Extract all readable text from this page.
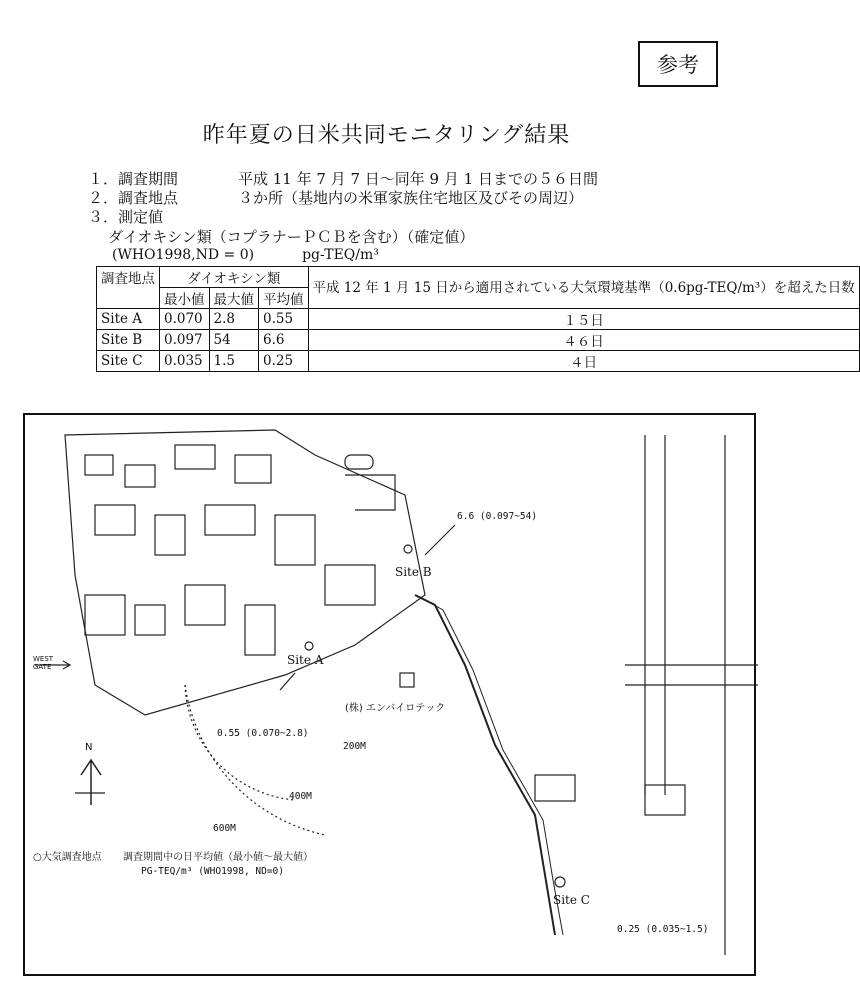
参考
昨年夏の日米共同モニタリング結果
１．調査期間	平成 11 年 7 月 7 日～同年 9 月 1 日までの５６日間
２．調査地点	３か所（基地内の米軍家族住宅地区及びその周辺）
３．測定値
ダイオキシン類（コプラナーＰＣＢを含む）（確定値）
(WHO1998,ND = 0)	pg-TEQ/m³
調査地点	ダイオキシン類			平成 12 年 1 月 15 日から適用されている大気環境基準（0.6pg-TEQ/m³）を超えた日数
	最小値	最大値	平均値	
Site A	0.070	2.8	0.55	１５日
Site B	0.097	54	6.6	４６日
Site C	0.035	1.5	0.25	４日
6.6 (0.097~54)
Site B
Site A
0.55 (0.070~2.8)
(株) エンバイロテック
WEST GATE
N	200M
400M
600M
○大気調査地点 調査期間中の日平均値（最小値～最大値）
PG-TEQ/m³ (WHO1998, ND=0)
Site C
0.25 (0.035~1.5)
